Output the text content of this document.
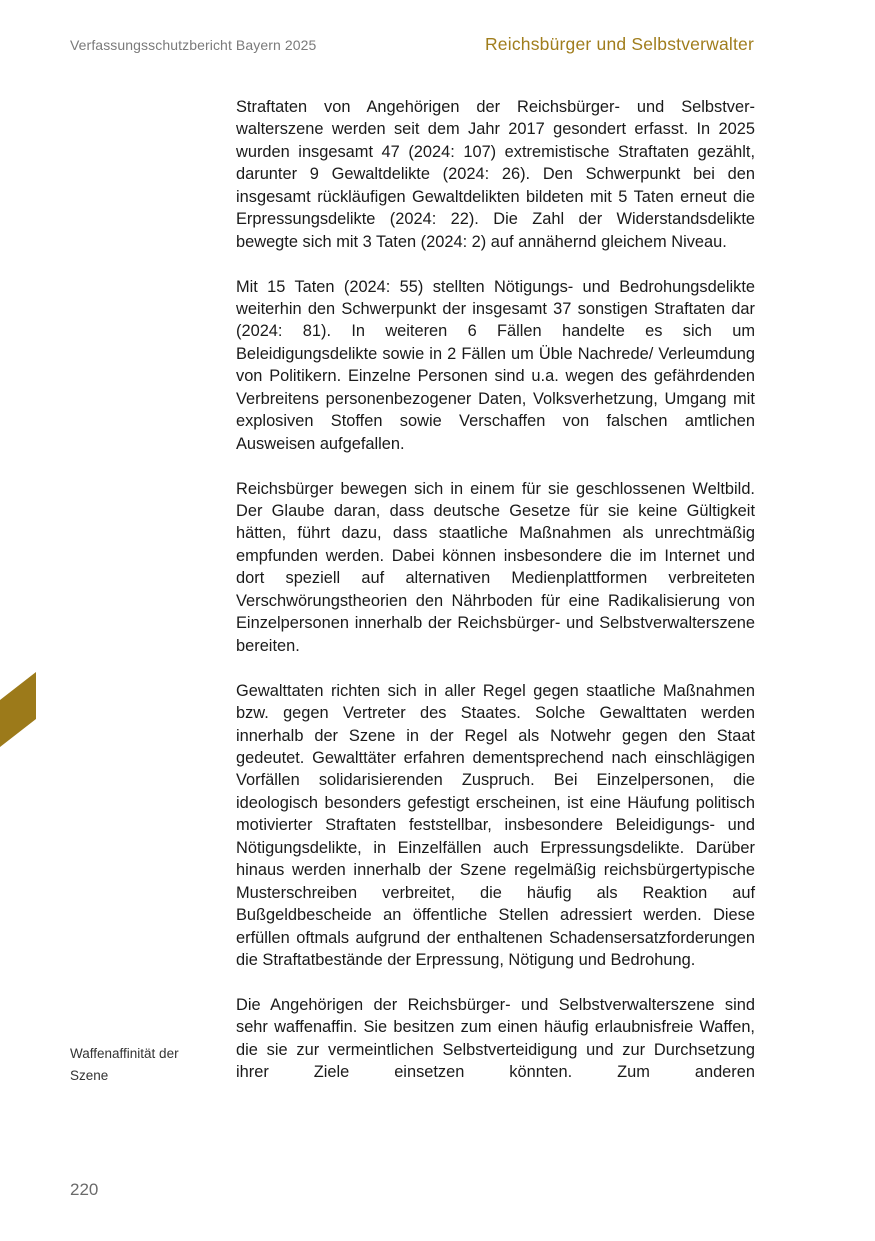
Verfassungsschutzbericht Bayern 2025	Reichsbürger und Selbstverwalter

Straftaten von Angehörigen der Reichsbürger- und Selbstverwalterszene werden seit dem Jahr 2017 gesondert erfasst. In 2025 wurden insgesamt 47 (2024: 107) extremistische Straftaten gezählt, darunter 9 Gewaltdelikte (2024: 26). Den Schwerpunkt bei den insgesamt rückläufigen Gewaltdelikten bildeten mit 5 Taten erneut die Erpressungsdelikte (2024: 22). Die Zahl der Widerstandsdelikte bewegte sich mit 3 Taten (2024: 2) auf annähernd gleichem Niveau.

Mit 15 Taten (2024: 55) stellten Nötigungs- und Bedrohungsdelikte weiterhin den Schwerpunkt der insgesamt 37 sonstigen Straftaten dar (2024: 81). In weiteren 6 Fällen handelte es sich um Beleidigungsdelikte sowie in 2 Fällen um Üble Nachrede/ Verleumdung von Politikern. Einzelne Personen sind u.a. wegen des gefährdenden Verbreitens personenbezogener Daten, Volksverhetzung, Umgang mit explosiven Stoffen sowie Verschaffen von falschen amtlichen Ausweisen aufgefallen.

Reichsbürger bewegen sich in einem für sie geschlossenen Weltbild. Der Glaube daran, dass deutsche Gesetze für sie keine Gültigkeit hätten, führt dazu, dass staatliche Maßnahmen als unrechtmäßig empfunden werden. Dabei können insbesondere die im Internet und dort speziell auf alternativen Medienplattformen verbreiteten Verschwörungstheorien den Nährboden für eine Radikalisierung von Einzelpersonen innerhalb der Reichsbürger- und Selbstverwalterszene bereiten.

Gewalttaten richten sich in aller Regel gegen staatliche Maßnahmen bzw. gegen Vertreter des Staates. Solche Gewalttaten werden innerhalb der Szene in der Regel als Notwehr gegen den Staat gedeutet. Gewalttäter erfahren dementsprechend nach einschlägigen Vorfällen solidarisierenden Zuspruch. Bei Einzelpersonen, die ideologisch besonders gefestigt erscheinen, ist eine Häufung politisch motivierter Straftaten feststellbar, insbesondere Beleidigungs- und Nötigungsdelikte, in Einzelfällen auch Erpressungsdelikte. Darüber hinaus werden innerhalb der Szene regelmäßig reichsbürgertypische Musterschreiben verbreitet, die häufig als Reaktion auf Bußgeldbescheide an öffentliche Stellen adressiert werden. Diese erfüllen oftmals aufgrund der enthaltenen Schadensersatzforderungen die Straftatbestände der Erpressung, Nötigung und Bedrohung.

Die Angehörigen der Reichsbürger- und Selbstverwalterszene sind sehr waffenaffin. Sie besitzen zum einen häufig erlaubnisfreie Waffen, die sie zur vermeintlichen Selbstverteidigung und zur Durchsetzung ihrer Ziele einsetzen könnten. Zum anderen

Waffenaffinität der Szene
220
